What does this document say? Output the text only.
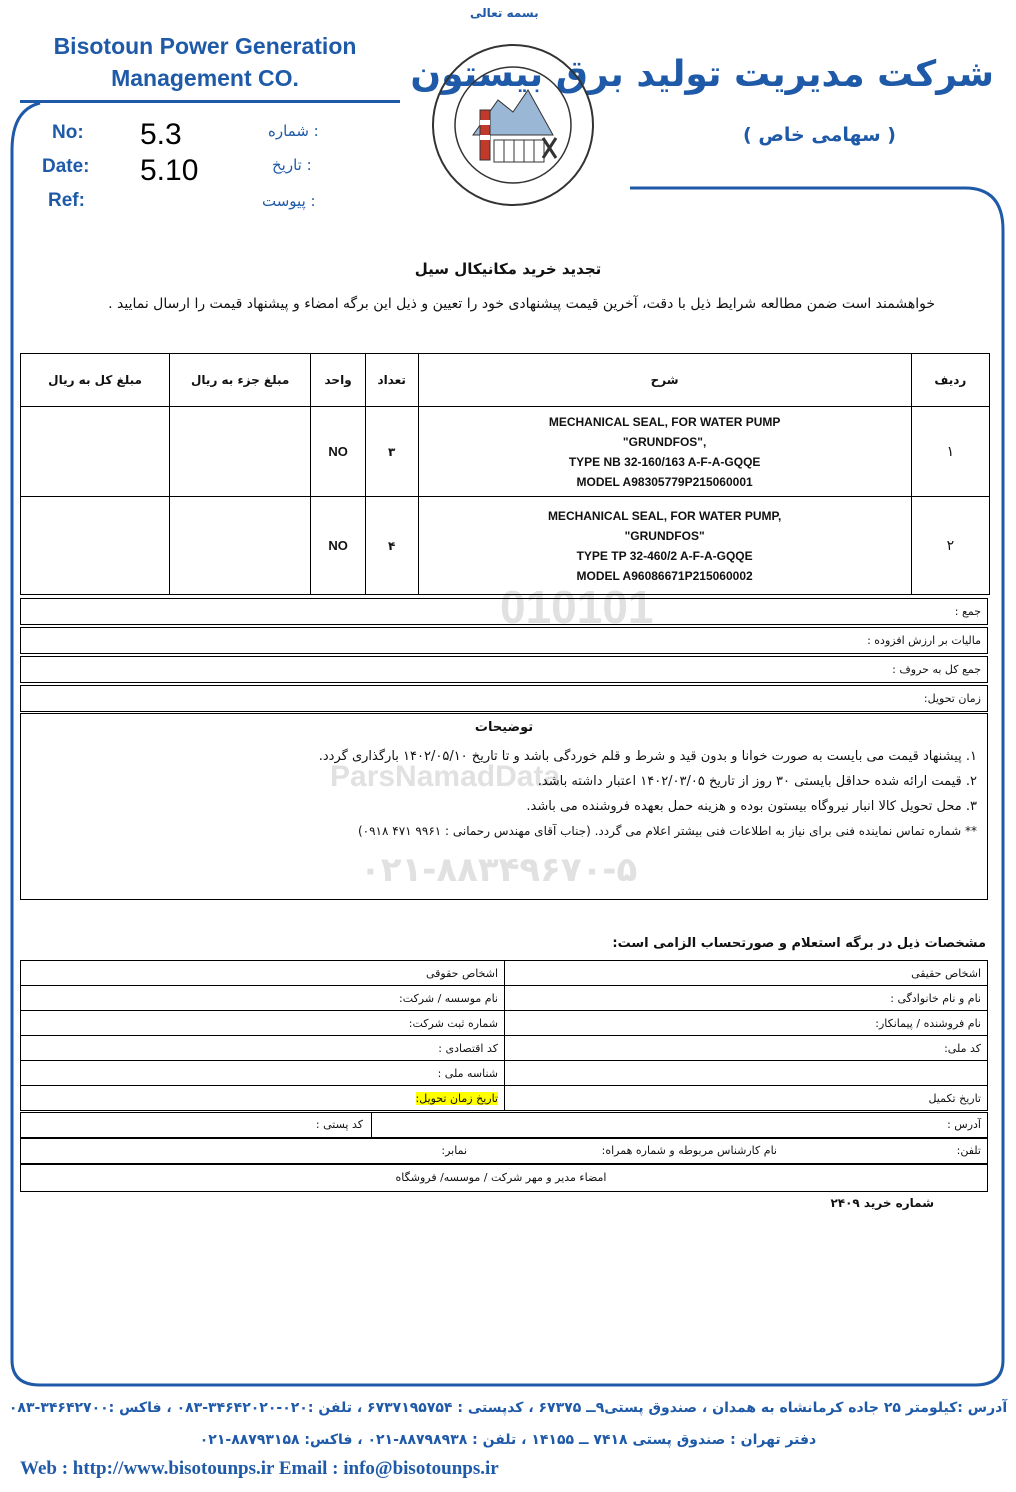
010101
ParsNamadData
۰۲۱-۸۸۳۴۹۶۷۰-۵
بسمه تعالی
Bisotoun Power Generation
Management CO.	شرکت مدیریت تولید برق بیستون
( سهامی خاص )
No: 5.3	: شماره
Date: 5.10	: تاریخ
Ref:	: پیوست
تجدید خرید مکانیکال سیل
خواهشمند است ضمن مطالعه شرایط ذیل با دقت، آخرین قیمت پیشنهادی خود را تعیین و ذیل این برگه امضاء و پیشنهاد قیمت را ارسال نمایید .
ردیف	شرح	تعداد	واحد	مبلغ جزء به ریال	مبلغ کل به ریال
۱	MECHANICAL SEAL, FOR WATER PUMP
"GRUNDFOS",
TYPE NB 32-160/163 A-F-A-GQQE
MODEL A98305779P215060001	۳	NO		
۲	MECHANICAL SEAL, FOR WATER PUMP,
"GRUNDFOS"
TYPE TP 32-460/2 A-F-A-GQQE
MODEL A96086671P215060002	۴	NO		
جمع :
مالیات بر ارزش افزوده :
جمع کل به حروف :
زمان تحویل:
توضیحات
۱. پیشنهاد قیمت می بایست به صورت خوانا و بدون قید و شرط و قلم خوردگی باشد و تا تاریخ ۱۴۰۲/۰۵/۱۰ بارگذاری گردد.
۲. قیمت ارائه شده حداقل بایستی ۳۰ روز از تاریخ ۱۴۰۲/۰۳/۰۵ اعتبار داشته باشد.
۳. محل تحویل کالا انبار نیروگاه بیستون بوده و هزینه حمل بعهده فروشنده می باشد.
** شماره تماس نماینده فنی برای نیاز به اطلاعات فنی بیشتر اعلام می گردد. (جناب آقای مهندس رحمانی : ۹۹۶۱ ۴۷۱ ۰۹۱۸)
مشخصات ذیل در برگه استعلام و صورتحساب الزامی است:
اشخاص حقیقی	اشخاص حقوقی
نام و نام خانوادگی :	نام موسسه / شرکت:
نام فروشنده / پیمانکار:	شماره ثبت شرکت:
کد ملی:	کد اقتصادی :
	شناسه ملی :
تاریخ تکمیل	تاریخ زمان تحویل:
آدرس :
کد پستی :
تلفن:
نام کارشناس مربوطه و شماره همراه:
نمابر:
امضاء مدیر و مهر شرکت / موسسه/ فروشگاه
شماره خرید ۲۴۰۹
آدرس :کیلومتر ۲۵ جاده کرمانشاه به همدان ، صندوق پستی۹ــ ۶۷۳۷۵ ، کدپستی : ۶۷۳۷۱۹۵۷۵۴ ، تلفن :۰۲۰-۳۴۶۴۲۰۲۰-۰۸۳ ، فاکس :۳۴۶۴۲۷۰۰-۰۸۳
دفتر تهران : صندوق پستی ۷۴۱۸ ــ ۱۴۱۵۵ ، تلفن : ۸۸۷۹۸۹۳۸-۰۲۱ ، فاکس: ۸۸۷۹۳۱۵۸-۰۲۱
Web : http://www.bisotounps.ir Email : info@bisotounps.ir
